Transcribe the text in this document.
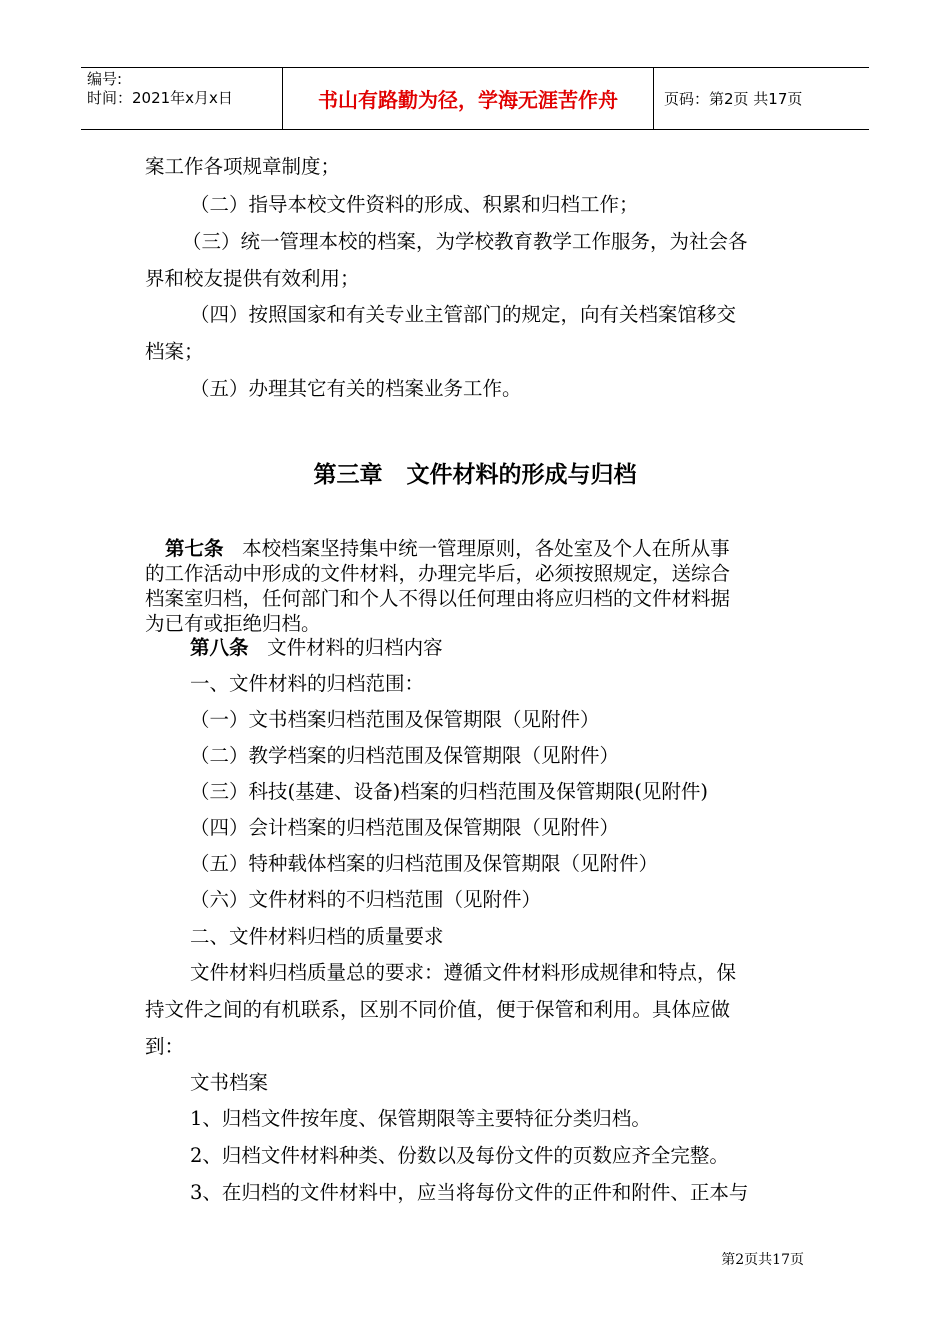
编号:
时间：2021年x月x日	书山有路勤为径，学海无涯苦作舟	页码：第2页 共17页
案工作各项规章制度；
（二）指导本校文件资料的形成、积累和归档工作；
（三）统一管理本校的档案，为学校教育教学工作服务，为社会各
界和校友提供有效利用；
（四）按照国家和有关专业主管部门的规定，向有关档案馆移交
档案；
（五）办理其它有关的档案业务工作。
第三章 文件材料的形成与归档
第七条 本校档案坚持集中统一管理原则，各处室及个人在所从事
的工作活动中形成的文件材料，办理完毕后，必须按照规定，送综合
档案室归档，任何部门和个人不得以任何理由将应归档的文件材料据
为已有或拒绝归档。
第八条 文件材料的归档内容
一、文件材料的归档范围：
（一）文书档案归档范围及保管期限（见附件）
（二）教学档案的归档范围及保管期限（见附件）
（三）科技(基建、设备)档案的归档范围及保管期限(见附件)
（四）会计档案的归档范围及保管期限（见附件）
（五）特种载体档案的归档范围及保管期限（见附件）
（六）文件材料的不归档范围（见附件）
二、文件材料归档的质量要求
文件材料归档质量总的要求：遵循文件材料形成规律和特点，保
持文件之间的有机联系，区别不同价值，便于保管和利用。具体应做
到：
文书档案
1、归档文件按年度、保管期限等主要特征分类归档。
2、归档文件材料种类、份数以及每份文件的页数应齐全完整。
3、在归档的文件材料中，应当将每份文件的正件和附件、正本与
第2页共17页
